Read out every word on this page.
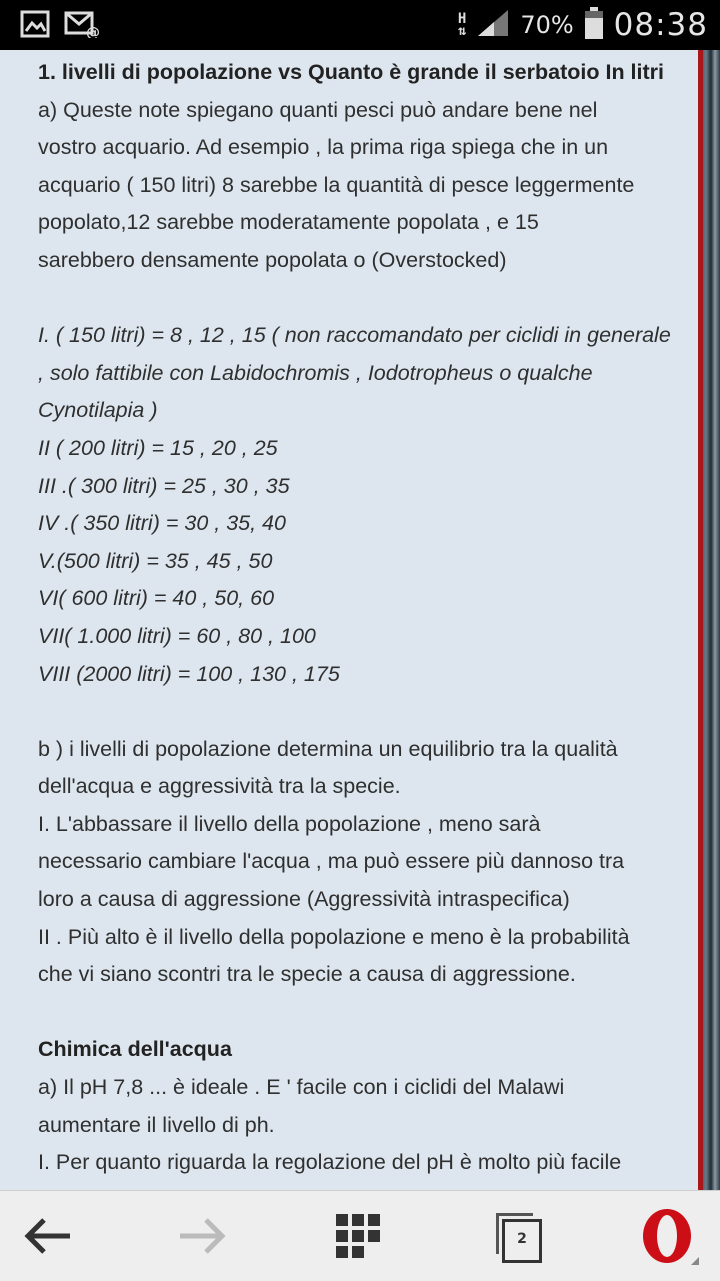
@
H
⇅ 70% 08:38

1. livelli di popolazione vs Quanto è grande il serbatoio In litri

a) Queste note spiegano quanti pesci può andare bene nel

vostro acquario. Ad esempio , la prima riga spiega che in un

acquario ( 150 litri) 8 sarebbe la quantità di pesce leggermente

popolato,12 sarebbe moderatamente popolata , e 15

sarebbero densamente popolata o (Overstocked)

I. ( 150 litri) = 8 , 12 , 15 ( non raccomandato per ciclidi in generale

, solo fattibile con Labidochromis , Iodotropheus o qualche

Cynotilapia )

II ( 200 litri) = 15 , 20 , 25

III .( 300 litri) = 25 , 30 , 35

IV .( 350 litri) = 30 , 35, 40

V.(500 litri) = 35 , 45 , 50

VI( 600 litri) = 40 , 50, 60

VII( 1.000 litri) = 60 , 80 , 100

VIII (2000 litri) = 100 , 130 , 175

b ) i livelli di popolazione determina un equilibrio tra la qualità

dell'acqua e aggressività tra la specie.

I. L'abbassare il livello della popolazione , meno sarà

necessario cambiare l'acqua , ma può essere più dannoso tra

loro a causa di aggressione (Aggressività intraspecifica)

II . Più alto è il livello della popolazione e meno è la probabilità

che vi siano scontri tra le specie a causa di aggressione.

Chimica dell'acqua

a) Il pH 7,8 ... è ideale . E ' facile con i ciclidi del Malawi

aumentare il livello di ph.

I. Per quanto riguarda la regolazione del pH è molto più facile

2
